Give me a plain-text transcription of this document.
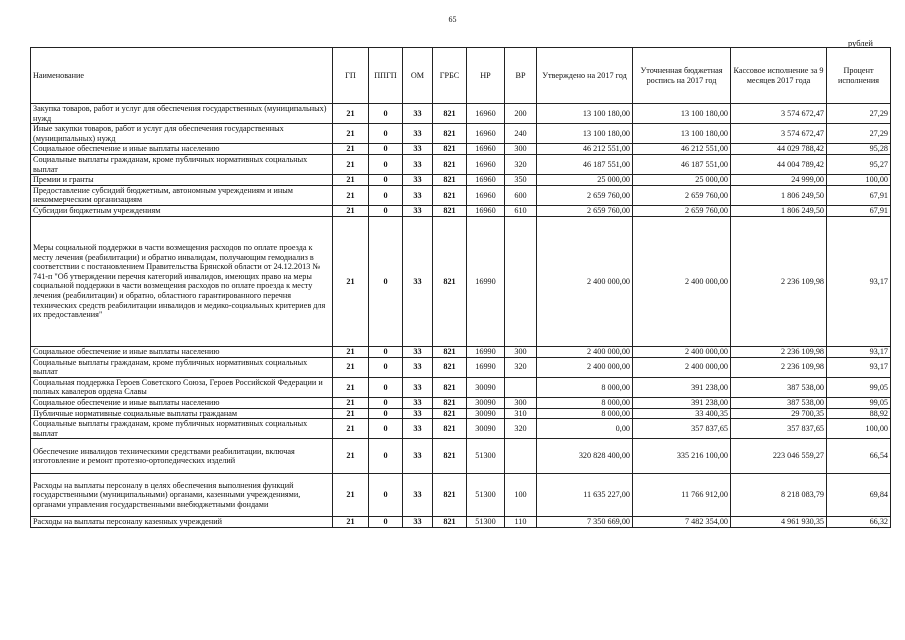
65
рублей
Наименование	ГП	ППГП	ОМ	ГРБС	НР	ВР	Утверждено на 2017 год	Уточненная бюджетная роспись на 2017 год	Кассовое исполнение за 9 месяцев 2017 года	Процент исполнения
Закупка товаров, работ и услуг для обеспечения государственных (муниципальных) нужд	21	0	33	821	16960	200	13 100 180,00	13 100 180,00	3 574 672,47	27,29
Иные закупки товаров, работ и услуг для обеспечения государственных (муниципальных) нужд	21	0	33	821	16960	240	13 100 180,00	13 100 180,00	3 574 672,47	27,29
Социальное обеспечение и иные выплаты населению	21	0	33	821	16960	300	46 212 551,00	46 212 551,00	44 029 788,42	95,28
Социальные выплаты гражданам, кроме публичных нормативных социальных выплат	21	0	33	821	16960	320	46 187 551,00	46 187 551,00	44 004 789,42	95,27
Премии и гранты	21	0	33	821	16960	350	25 000,00	25 000,00	24 999,00	100,00
Предоставление субсидий бюджетным, автономным учреждениям и иным некоммерческим организациям	21	0	33	821	16960	600	2 659 760,00	2 659 760,00	1 806 249,50	67,91
Субсидии бюджетным учреждениям	21	0	33	821	16960	610	2 659 760,00	2 659 760,00	1 806 249,50	67,91
Меры социальной поддержки в части возмещения расходов по оплате проезда к месту лечения (реабилитации) и обратно инвалидам, получающим гемодиализ в соответствии с постановлением Правительства Брянской области от 24.12.2013 № 741-п "Об утверждении перечня категорий инвалидов, имеющих право на меры социальной поддержки в части возмещения расходов по оплате проезда к месту лечения (реабилитации) и обратно, областного гарантированного перечня технических средств реабилитации инвалидов и медико-социальных критериев для их предоставления"	21	0	33	821	16990		2 400 000,00	2 400 000,00	2 236 109,98	93,17
Социальное обеспечение и иные выплаты населению	21	0	33	821	16990	300	2 400 000,00	2 400 000,00	2 236 109,98	93,17
Социальные выплаты гражданам, кроме публичных нормативных социальных выплат	21	0	33	821	16990	320	2 400 000,00	2 400 000,00	2 236 109,98	93,17
Социальная поддержка Героев Советского Союза, Героев Российской Федерации и полных кавалеров ордена Славы	21	0	33	821	30090		8 000,00	391 238,00	387 538,00	99,05
Социальное обеспечение и иные выплаты населению	21	0	33	821	30090	300	8 000,00	391 238,00	387 538,00	99,05
Публичные нормативные социальные выплаты гражданам	21	0	33	821	30090	310	8 000,00	33 400,35	29 700,35	88,92
Социальные выплаты гражданам, кроме публичных нормативных социальных выплат	21	0	33	821	30090	320	0,00	357 837,65	357 837,65	100,00
Обеспечение инвалидов техническими средствами реабилитации, включая изготовление и ремонт протезно-ортопедических изделий	21	0	33	821	51300		320 828 400,00	335 216 100,00	223 046 559,27	66,54
Расходы на выплаты персоналу в целях обеспечения выполнения функций государственными (муниципальными) органами, казенными учреждениями, органами управления государственными внебюджетными фондами	21	0	33	821	51300	100	11 635 227,00	11 766 912,00	8 218 083,79	69,84
Расходы на выплаты персоналу казенных учреждений	21	0	33	821	51300	110	7 350 669,00	7 482 354,00	4 961 930,35	66,32
